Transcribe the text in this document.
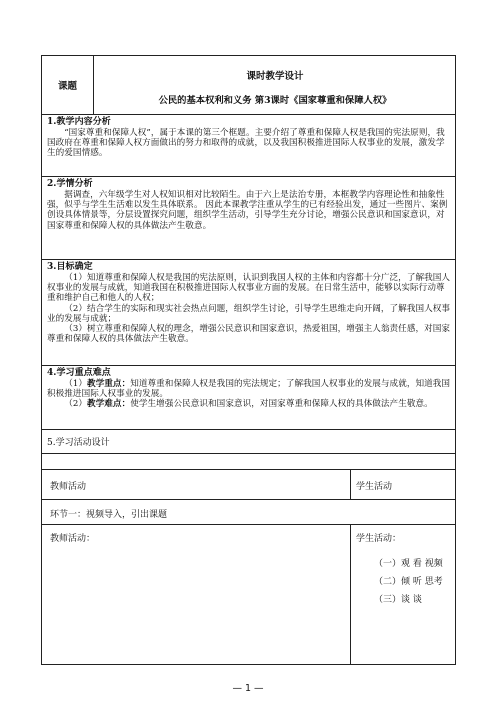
课题
课时教学设计
公民的基本权利和义务 第3课时《国家尊重和保障人权》
1.教学内容分析

“国家尊重和保障人权”，属于本课的第三个框题。主要介绍了尊重和保障人权是我国的宪法原则，我国政府在尊重和保障人权方面做出的努力和取得的成就，以及我国积极推进国际人权事业的发展，激发学生的爱国情感。

2.学情分析

据调查，六年级学生对人权知识相对比较陌生。由于六上是法治专册，本框教学内容理论性和抽象性强，似乎与学生生活难以发生具体联系。 因此本课教学注重从学生的已有经验出发，通过一些图片、案例创设具体情景等，分层设置探究问题，组织学生活动，引导学生充分讨论，增强公民意识和国家意识，对国家尊重和保障人权的具体做法产生敬意。

3.目标确定

（1）知道尊重和保障人权是我国的宪法原则，认识到我国人权的主体和内容都十分广泛，了解我国人权事业的发展与成就，知道我国在积极推进国际人权事业方面的发展。在日常生活中，能够以实际行动尊重和维护自己和他人的人权；

（2）结合学生的实际和现实社会热点问题，组织学生讨论，引导学生思维走向开阔，了解我国人权事业的发展与成就；

（3）树立尊重和保障人权的理念，增强公民意识和国家意识，热爱祖国，增强主人翁责任感，对国家尊重和保障人权的具体做法产生敬意。

4.学习重点难点

（1）教学重点：知道尊重和保障人权是我国的宪法规定；了解我国人权事业的发展与成就，知道我国积极推进国际人权事业的发展。

（2）教学难点：使学生增强公民意识和国家意识，对国家尊重和保障人权的具体做法产生敬意。

5.学习活动设计
教师活动	学生活动
环节一：视频导入，引出课题
教师活动：	学生活动：
（一）观 看 视频
（二）倾 听 思考
（三）谈 谈
— 1 —
